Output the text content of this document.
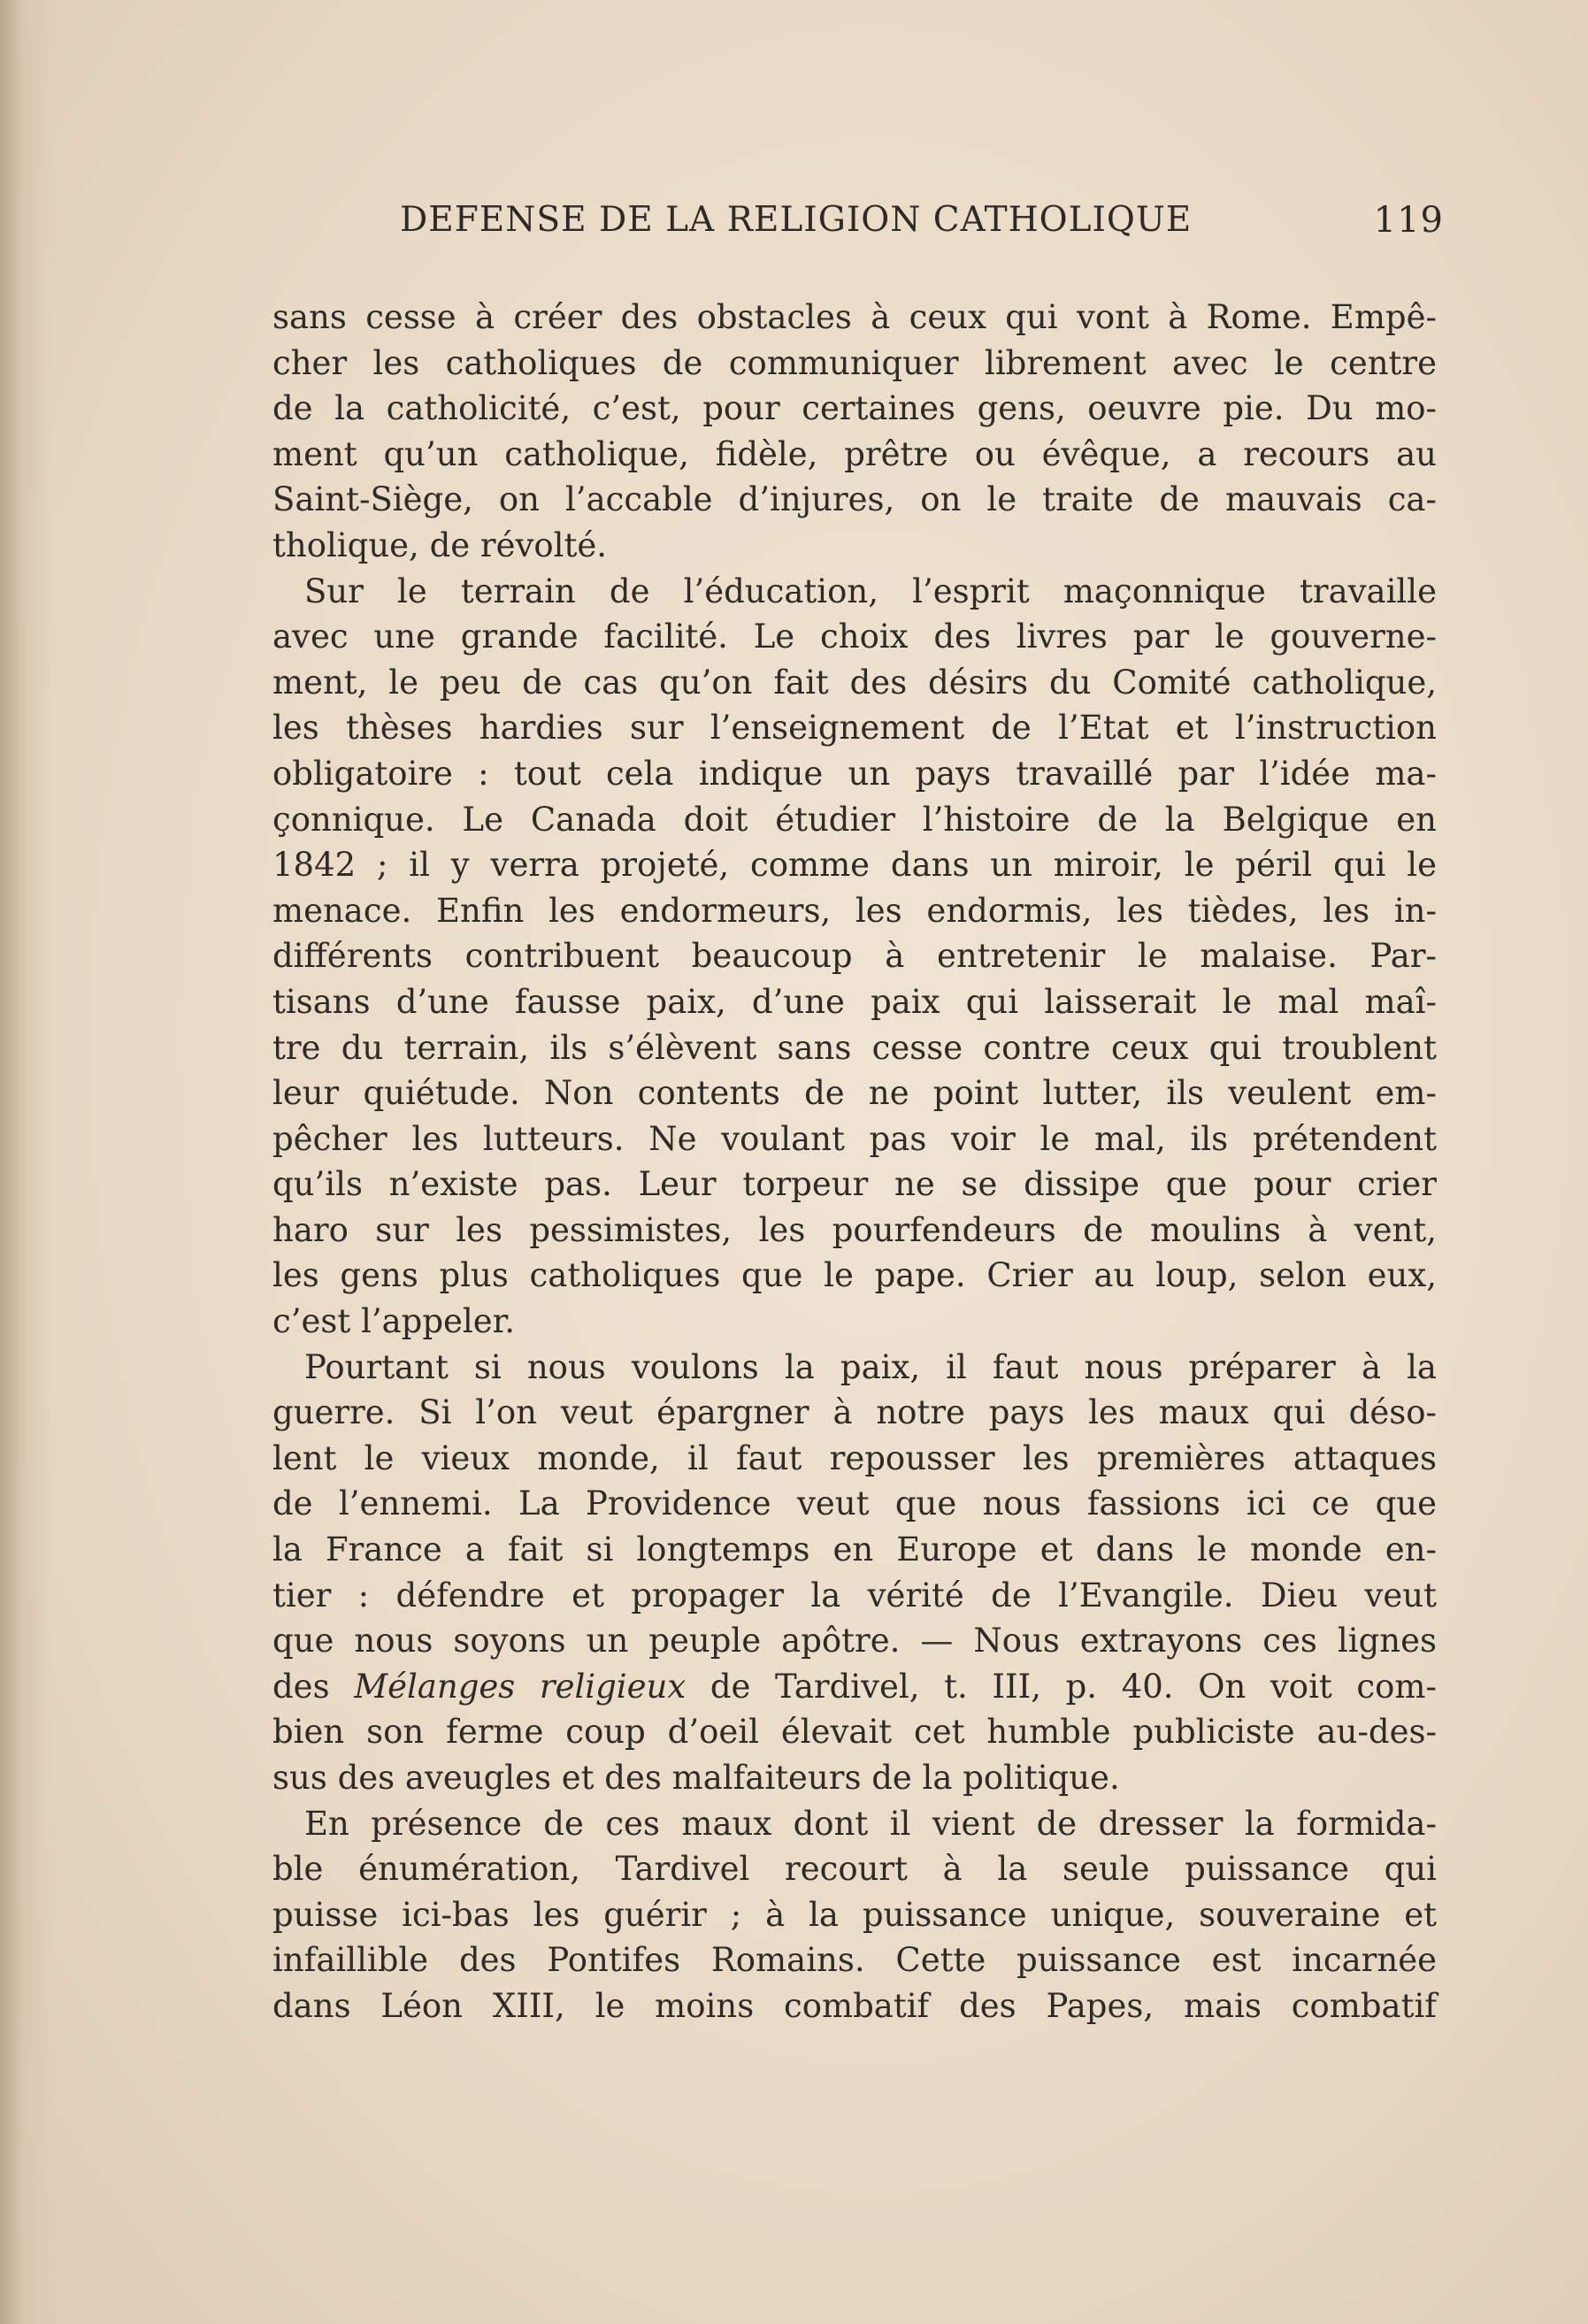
DEFENSE DE LA RELIGION CATHOLIQUE	119
sans cesse à créer des obstacles à ceux qui vont à Rome. Empê-
cher les catholiques de communiquer librement avec le centre
de la catholicité, c’est, pour certaines gens, oeuvre pie. Du mo-
ment qu’un catholique, fidèle, prêtre ou évêque, a recours au
Saint-Siège, on l’accable d’injures, on le traite de mauvais ca-
tholique, de révolté.
Sur le terrain de l’éducation, l’esprit maçonnique travaille
avec une grande facilité. Le choix des livres par le gouverne-
ment, le peu de cas qu’on fait des désirs du Comité catholique,
les thèses hardies sur l’enseignement de l’Etat et l’instruction
obligatoire : tout cela indique un pays travaillé par l’idée ma-
çonnique. Le Canada doit étudier l’histoire de la Belgique en
1842 ; il y verra projeté, comme dans un miroir, le péril qui le
menace. Enfin les endormeurs, les endormis, les tièdes, les in-
différents contribuent beaucoup à entretenir le malaise. Par-
tisans d’une fausse paix, d’une paix qui laisserait le mal maî-
tre du terrain, ils s’élèvent sans cesse contre ceux qui troublent
leur quiétude. Non contents de ne point lutter, ils veulent em-
pêcher les lutteurs. Ne voulant pas voir le mal, ils prétendent
qu’ils n’existe pas. Leur torpeur ne se dissipe que pour crier
haro sur les pessimistes, les pourfendeurs de moulins à vent,
les gens plus catholiques que le pape. Crier au loup, selon eux,
c’est l’appeler.
Pourtant si nous voulons la paix, il faut nous préparer à la
guerre. Si l’on veut épargner à notre pays les maux qui déso-
lent le vieux monde, il faut repousser les premières attaques
de l’ennemi. La Providence veut que nous fassions ici ce que
la France a fait si longtemps en Europe et dans le monde en-
tier : défendre et propager la vérité de l’Evangile. Dieu veut
que nous soyons un peuple apôtre. — Nous extrayons ces lignes
des Mélanges religieux de Tardivel, t. III, p. 40. On voit com-
bien son ferme coup d’oeil élevait cet humble publiciste au-des-
sus des aveugles et des malfaiteurs de la politique.
En présence de ces maux dont il vient de dresser la formida-
ble énumération, Tardivel recourt à la seule puissance qui
puisse ici-bas les guérir ; à la puissance unique, souveraine et
infaillible des Pontifes Romains. Cette puissance est incarnée
dans Léon XIII, le moins combatif des Papes, mais combatif
